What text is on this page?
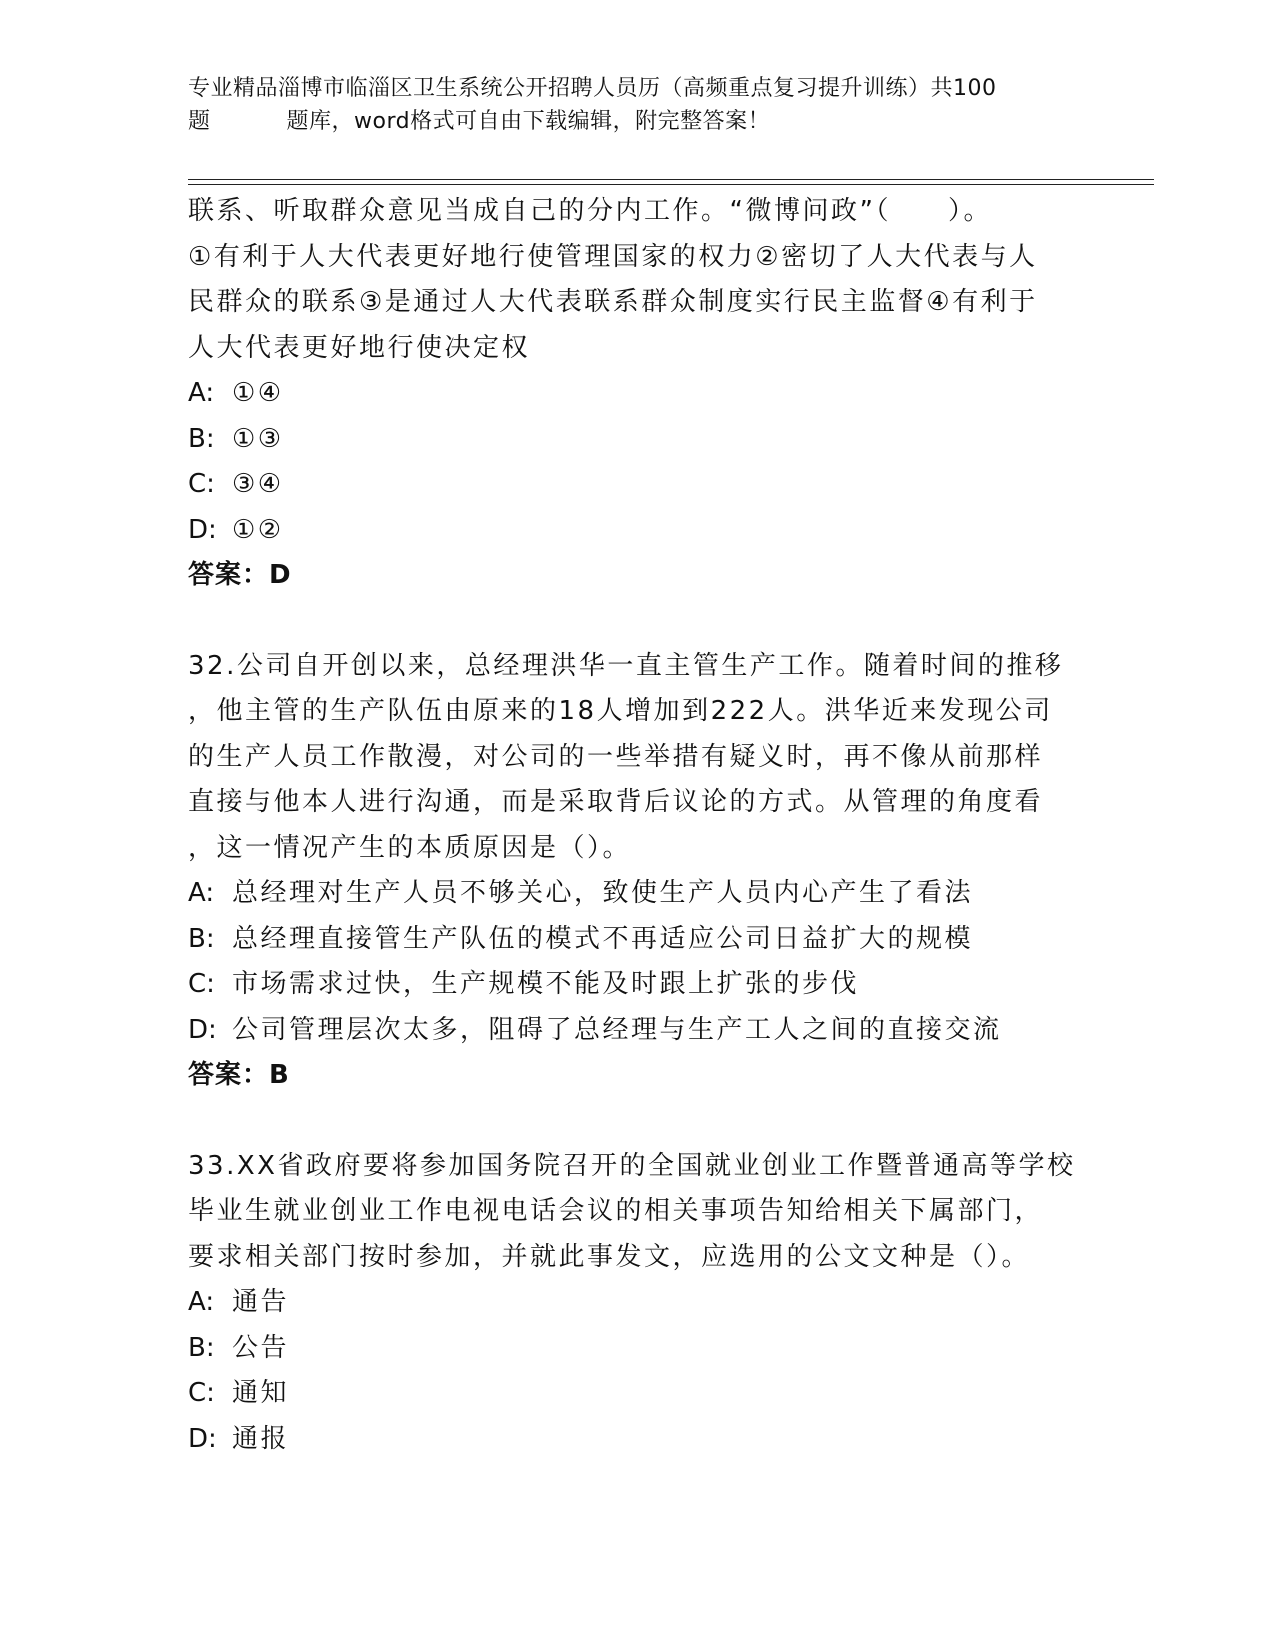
专业精品淄博市临淄区卫生系统公开招聘人员历（高频重点复习提升训练）共100
题	题库，word格式可自由下载编辑，附完整答案！

联系、听取群众意见当成自己的分内工作。“微博问政”（　　）。

①有利于人大代表更好地行使管理国家的权力②密切了人大代表与人

民群众的联系③是通过人大代表联系群众制度实行民主监督④有利于

人大代表更好地行使决定权

A: ①④

B: ①③

C: ③④

D: ①②

答案：D

32.公司自开创以来，总经理洪华一直主管生产工作。随着时间的推移

，他主管的生产队伍由原来的18人增加到222人。洪华近来发现公司

的生产人员工作散漫，对公司的一些举措有疑义时，再不像从前那样

直接与他本人进行沟通，而是采取背后议论的方式。从管理的角度看

，这一情况产生的本质原因是（）。

A: 总经理对生产人员不够关心，致使生产人员内心产生了看法

B: 总经理直接管生产队伍的模式不再适应公司日益扩大的规模

C: 市场需求过快，生产规模不能及时跟上扩张的步伐

D: 公司管理层次太多，阻碍了总经理与生产工人之间的直接交流

答案：B

33.XX省政府要将参加国务院召开的全国就业创业工作暨普通高等学校

毕业生就业创业工作电视电话会议的相关事项告知给相关下属部门，

要求相关部门按时参加，并就此事发文，应选用的公文文种是（）。

A: 通告

B: 公告

C: 通知

D: 通报
